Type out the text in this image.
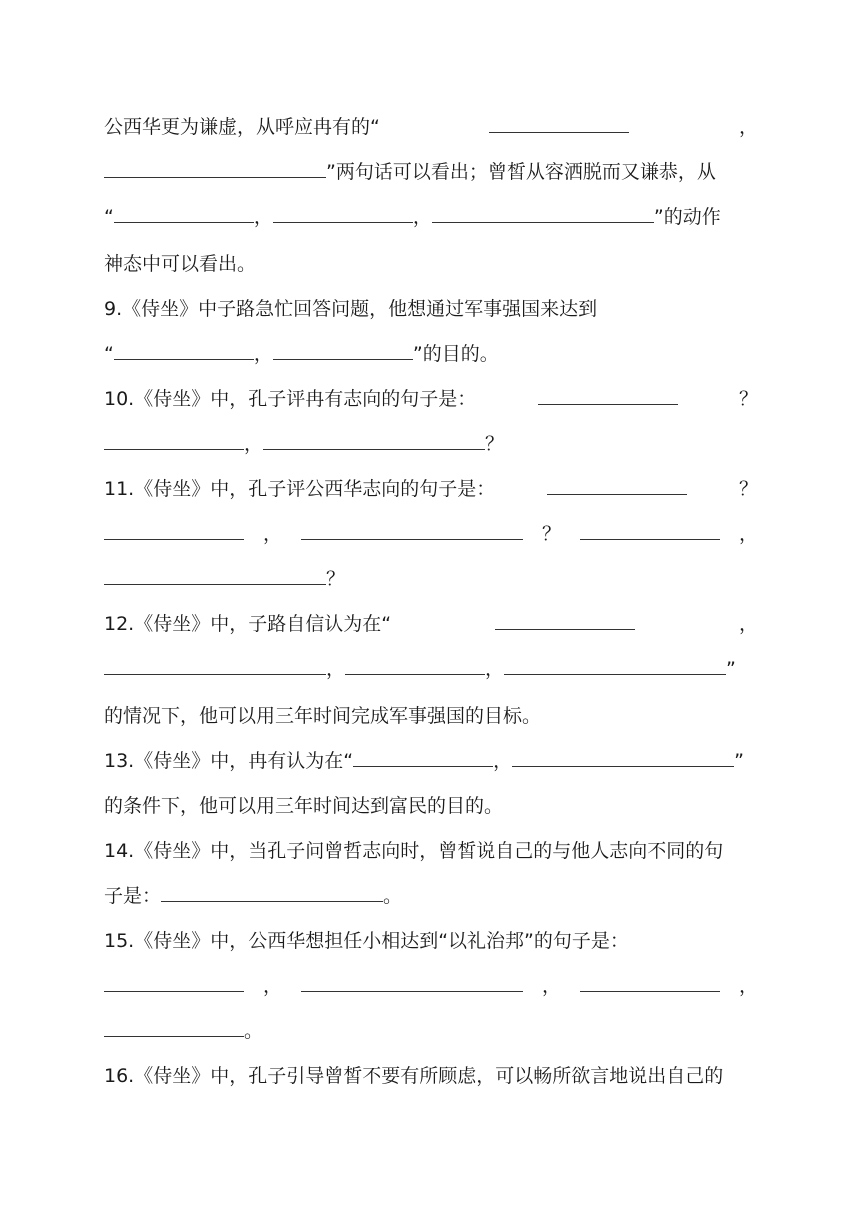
公西华更为谦虚，从呼应冉有的“	，
”两句话可以看出；曾皙从容洒脱而又谦恭，从
“	，	，	”的动作
神态中可以看出。
9.《侍坐》中子路急忙回答问题，他想通过军事强国来达到
“	，	”的目的。
10.《侍坐》中，孔子评冉有志向的句子是：	？
，	？
11.《侍坐》中，孔子评公西华志向的句子是：	？
，	？	，
？
12.《侍坐》中，子路自信认为在“	，
，	，	”
的情况下，他可以用三年时间完成军事强国的目标。
13.《侍坐》中，冉有认为在“	，	”
的条件下，他可以用三年时间达到富民的目的。
14.《侍坐》中，当孔子问曾哲志向时，曾皙说自己的与他人志向不同的句
子是：	。
15.《侍坐》中，公西华想担任小相达到“以礼治邦”的句子是：
，	，	，
。
16.《侍坐》中，孔子引导曾皙不要有所顾虑，可以畅所欲言地说出自己的
